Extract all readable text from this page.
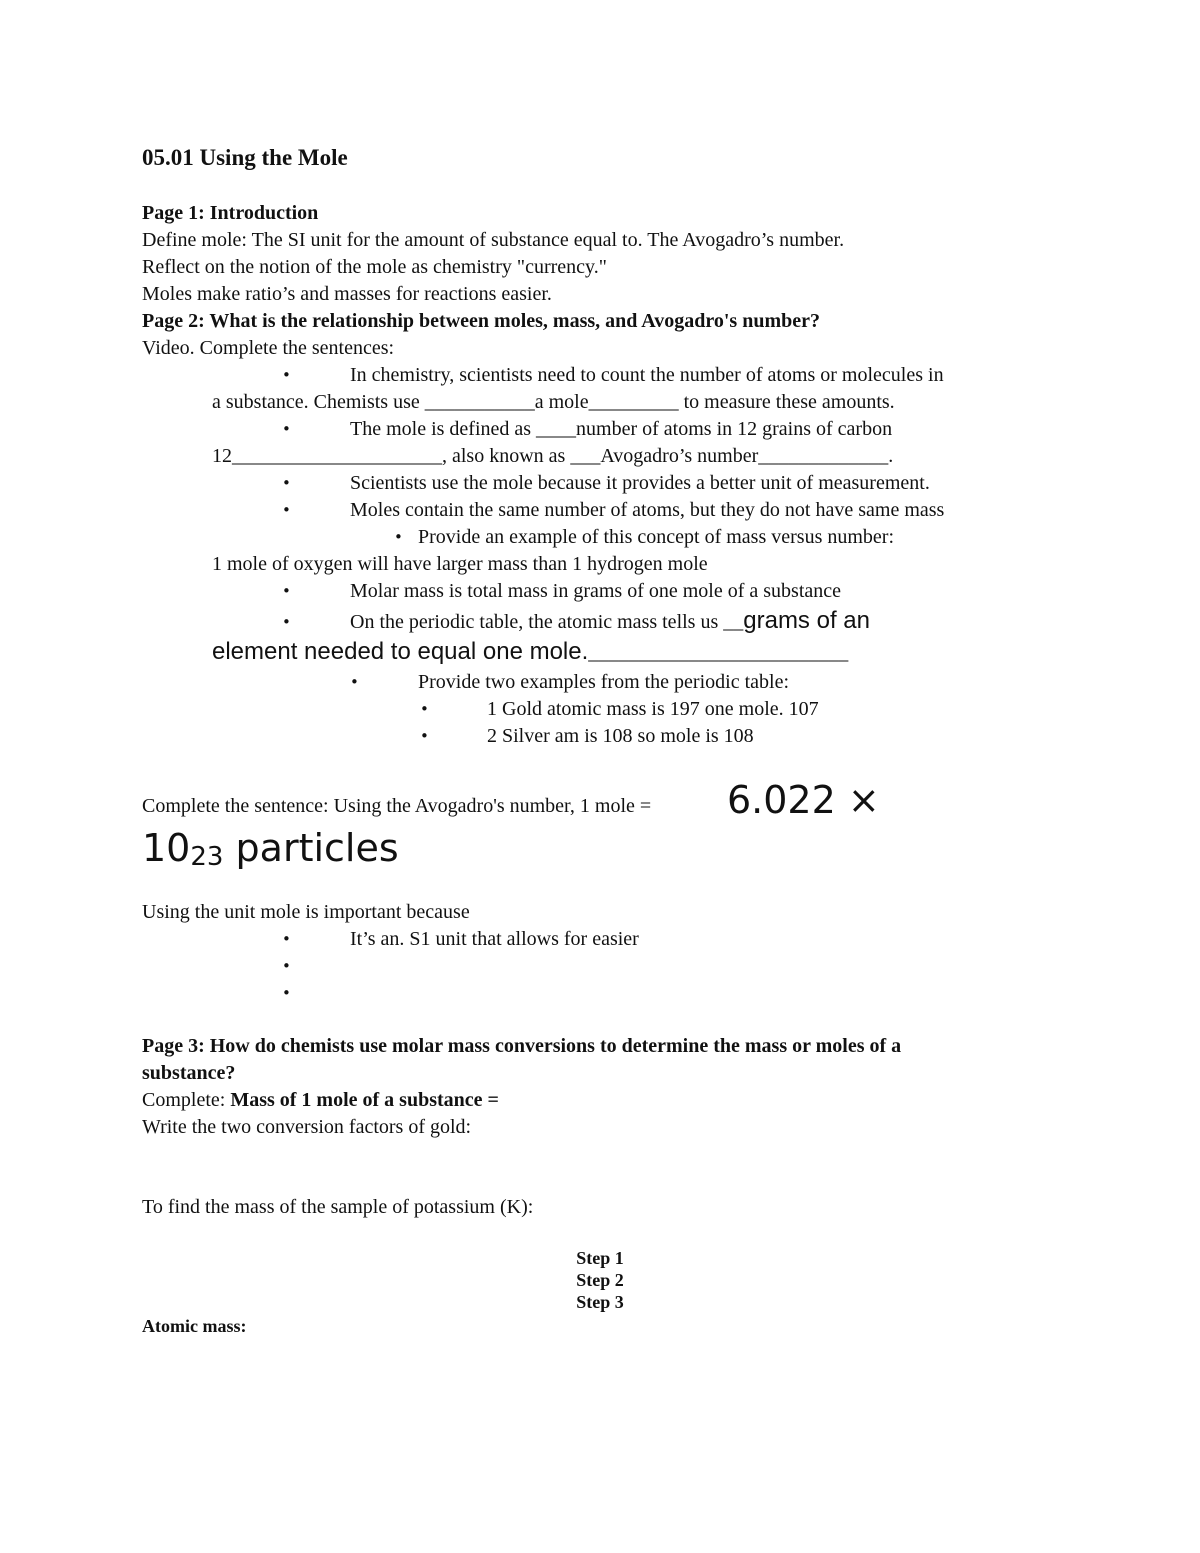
05.01 Using the Mole
Page 1: Introduction
Define mole: The SI unit for the amount of substance equal to. The Avogadro’s number.
Reflect on the notion of the mole as chemistry "currency."
Moles make ratio’s and masses for reactions easier.
Page 2: What is the relationship between moles, mass, and Avogadro's number?
Video. Complete the sentences:
•	In chemistry, scientists need to count the number of atoms or molecules in
a substance. Chemists use ___________a mole_________ to measure these amounts.
•	The mole is defined as ____number of atoms in 12 grains of carbon
12_____________________, also known as ___Avogadro’s number_____________.
•	Scientists use the mole because it provides a better unit of measurement.
•	Moles contain the same number of atoms, but they do not have same mass
• Provide an example of this concept of mass versus number:
1 mole of oxygen will have larger mass than 1 hydrogen mole
•	Molar mass is total mass in grams of one mole of a substance
•	On the periodic table, the atomic mass tells us __grams of an
element needed to equal one mole.__________________________
•	Provide two examples from the periodic table:
•	1 Gold atomic mass is 197 one mole. 107
•	2 Silver am is 108 so mole is 108
Complete the sentence: Using the Avogadro's number, 1 mole = 6.022 ×
1023 particles
Using the unit mole is important because
•	It’s an. S1 unit that allows for easier
•
•
Page 3: How do chemists use molar mass conversions to determine the mass or moles of a
substance?
Complete: Mass of 1 mole of a substance =
Write the two conversion factors of gold:
To find the mass of the sample of potassium (K):
Step 1
Step 2
Step 3
Atomic mass:
